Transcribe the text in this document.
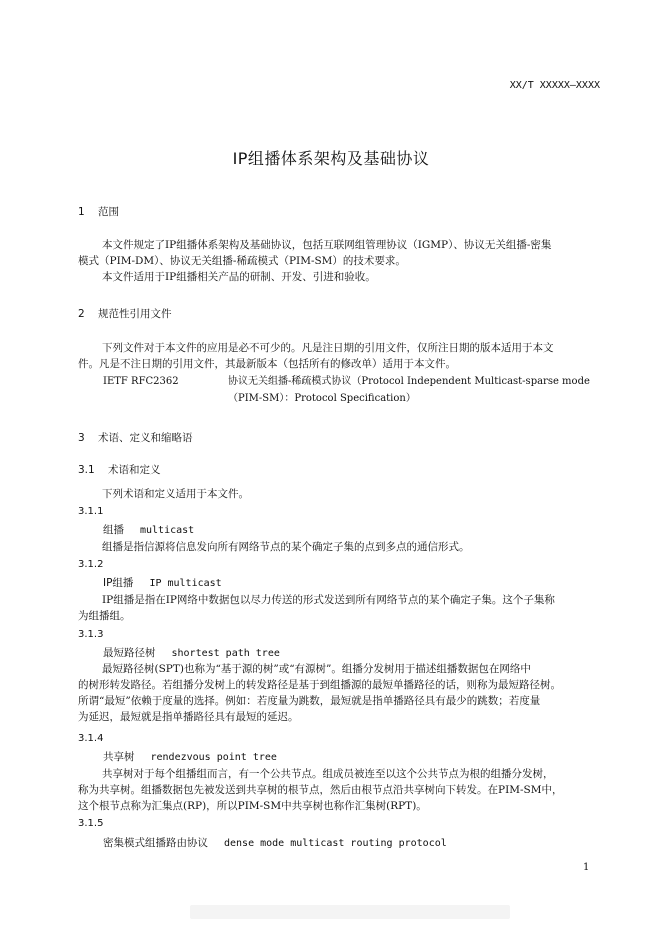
XX/T XXXXX—XXXX
IP组播体系架构及基础协议
1 范围
本文件规定了IP组播体系架构及基础协议，包括互联网组管理协议（IGMP）、协议无关组播-密集
模式（PIM-DM）、协议无关组播-稀疏模式（PIM-SM）的技术要求。
本文件适用于IP组播相关产品的研制、开发、引进和验收。
2 规范性引用文件
下列文件对于本文件的应用是必不可少的。凡是注日期的引用文件，仅所注日期的版本适用于本文
件。凡是不注日期的引用文件，其最新版本（包括所有的修改单）适用于本文件。
IETF RFC2362	协议无关组播-稀疏模式协议（Protocol Independent Multicast-sparse mode（PIM-SM）：Protocol Specification）
3 术语、定义和缩略语
3.1 术语和定义
下列术语和定义适用于本文件。
3.1.1
组播 multicast
组播是指信源将信息发向所有网络节点的某个确定子集的点到多点的通信形式。
3.1.2
IP组播 IP multicast
IP组播是指在IP网络中数据包以尽力传送的形式发送到所有网络节点的某个确定子集。这个子集称
为组播组。
3.1.3
最短路径树 shortest path tree
最短路径树(SPT)也称为“基于源的树”或“有源树”。组播分发树用于描述组播数据包在网络中
的树形转发路径。若组播分发树上的转发路径是基于到组播源的最短单播路径的话，则称为最短路径树。
所谓“最短”依赖于度量的选择。例如：若度量为跳数，最短就是指单播路径具有最少的跳数；若度量
为延迟，最短就是指单播路径具有最短的延迟。
3.1.4
共享树 rendezvous point tree
共享树对于每个组播组而言，有一个公共节点。组成员被连至以这个公共节点为根的组播分发树，
称为共享树。组播数据包先被发送到共享树的根节点，然后由根节点沿共享树向下转发。在PIM-SM中，
这个根节点称为汇集点(RP)，所以PIM-SM中共享树也称作汇集树(RPT)。
3.1.5
密集模式组播路由协议 dense mode multicast routing protocol
1
